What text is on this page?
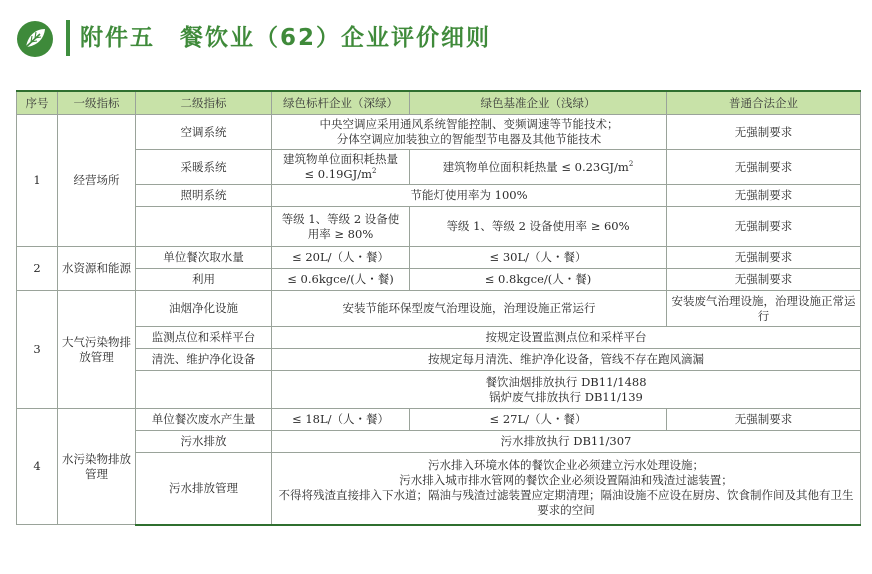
附件五　餐饮业（62）企业评价细则
序号	一级指标	二级指标	绿色标杆企业（深绿）	绿色基准企业（浅绿）	普通合法企业
1	经营场所	空调系统	中央空调应采用通风系统智能控制、变频调速等节能技术；
分体空调应加装独立的智能型节电器及其他节能技术		无强制要求
		采暖系统	建筑物单位面积耗热量
≤ $0.19GJ/m^2$	建筑物单位面积耗热量 ≤ $0.23GJ/m^2$	无强制要求
		照明系统	节能灯使用率为 100%		无强制要求
			等级 1、等级 2 设备使
用率 ≥ 80%	等级 1、等级 2 设备使用率 ≥ 60%	无强制要求
2	水资源和能源	单位餐次取水量	≤ 20L/（人・餐）	≤ 30L/（人・餐）	无强制要求
		利用	≤ 0.6kgce/(人・餐)	≤ 0.8kgce/(人・餐)	无强制要求
3	大气污染物排放管理	油烟净化设施	安装节能环保型废气治理设施，治理设施正常运行		安装废气治理设施，治理设施正常运行
		监测点位和采样平台	按规定设置监测点位和采样平台		
		清洗、维护净化设备	按规定每月清洗、维护净化设备，管线不存在跑风滴漏		
			餐饮油烟排放执行 DB11/1488
锅炉废气排放执行 DB11/139		
4	水污染物排放管理	单位餐次废水产生量	≤ 18L/（人・餐）	≤ 27L/（人・餐）	无强制要求
		污水排放	污水排放执行 DB11/307		
		污水排放管理	污水排入环境水体的餐饮企业必须建立污水处理设施；
污水排入城市排水管网的餐饮企业必须设置隔油和残渣过滤装置；
不得将残渣直接排入下水道；隔油与残渣过滤装置应定期清理；隔油设施不应设在厨房、饮食制作间及其他有卫生要求的空间		
